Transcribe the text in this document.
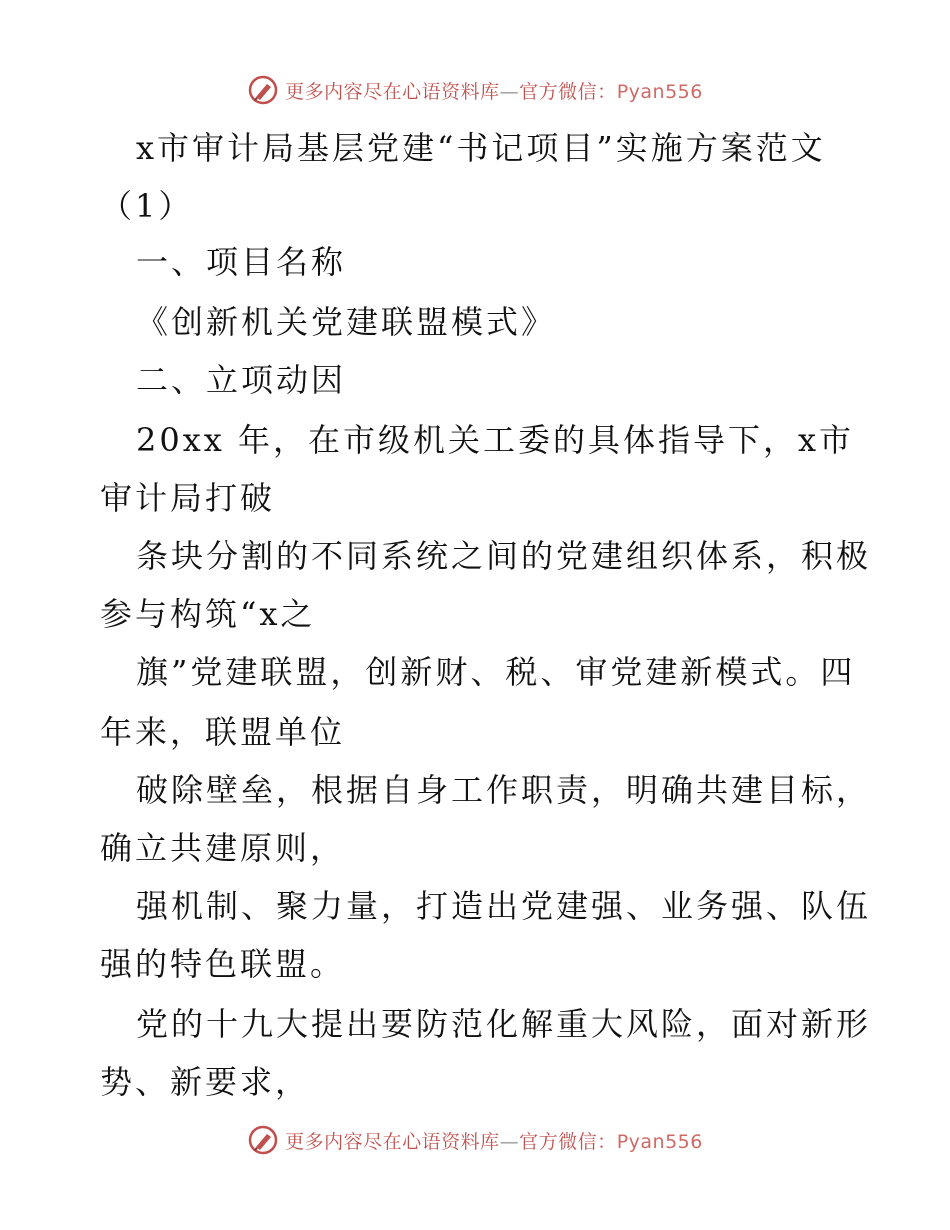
更多内容尽在心语资料库—官方微信：Pyan556
x市审计局基层党建“书记项目”实施方案范文
（1）
一、项目名称
《创新机关党建联盟模式》
二、立项动因
20xx 年，在市级机关工委的具体指导下，x市
审计局打破
条块分割的不同系统之间的党建组织体系，积极
参与构筑“x之
旗”党建联盟，创新财、税、审党建新模式。四
年来，联盟单位
破除壁垒，根据自身工作职责，明确共建目标，
确立共建原则，
强机制、聚力量，打造出党建强、业务强、队伍
强的特色联盟。
党的十九大提出要防范化解重大风险，面对新形
势、新要求，
更多内容尽在心语资料库—官方微信：Pyan556
